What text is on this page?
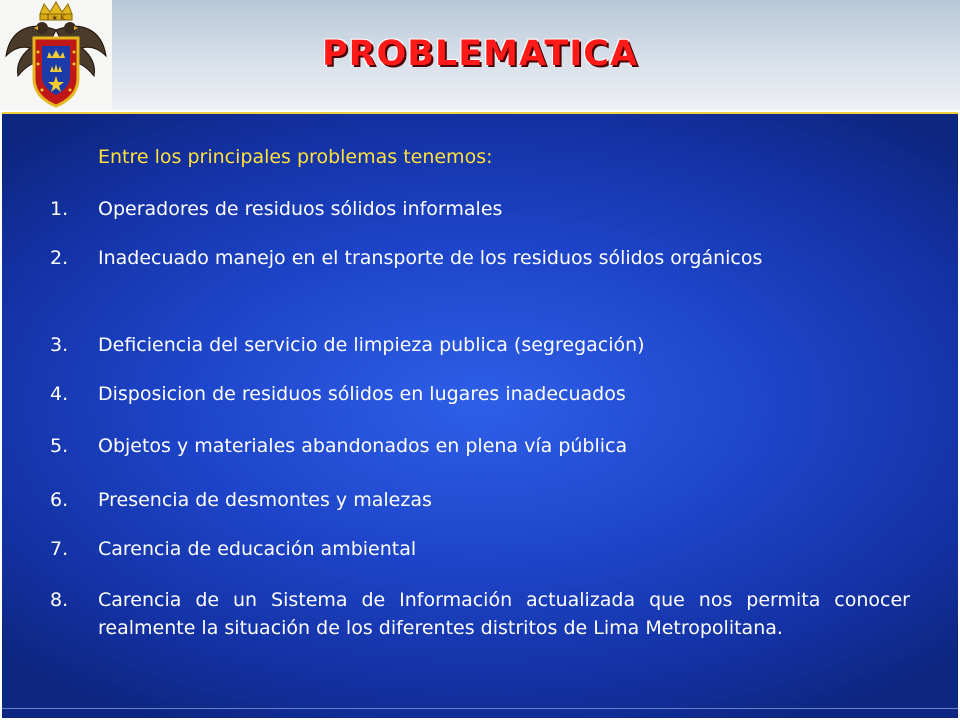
I ★ K
PROBLEMATICA
Entre los principales problemas tenemos:
1.	Operadores de residuos sólidos informales
2.	Inadecuado manejo en el transporte de los residuos sólidos orgánicos
3.	Deficiencia del servicio de limpieza publica (segregación)
4.	Disposicion de residuos sólidos en lugares inadecuados
5.	Objetos y materiales abandonados en plena vía pública
6.	Presencia de desmontes y malezas
7.	Carencia de educación ambiental
8.	Carencia de un Sistema de Información actualizada que nos permita conocer realmente la situación de los diferentes distritos de Lima Metropolitana.
